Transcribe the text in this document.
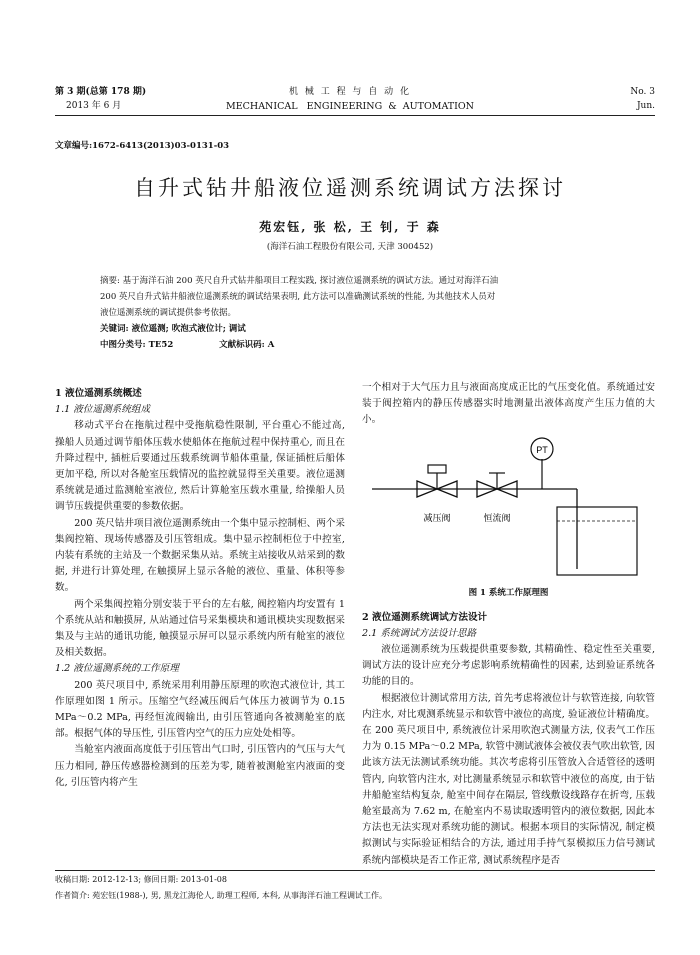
第 3 期(总第 178 期)
2013 年 6 月
机 械 工 程 与 自 动 化
MECHANICAL   ENGINEERING  &  AUTOMATION
No. 3
Jun.
文章编号:1672-6413(2013)03-0131-03
自升式钻井船液位遥测系统调试方法探讨
苑宏钰, 张 松, 王 钊, 于 森
(海洋石油工程股份有限公司, 天津 300452)
摘要: 基于海洋石油 200 英尺自升式钻井船项目工程实践, 探讨液位遥测系统的调试方法。通过对海洋石油
200 英尺自升式钻井船液位遥测系统的调试结果表明, 此方法可以准确测试系统的性能, 为其他技术人员对
液位遥测系统的调试提供参考依据。
关键词: 液位遥测; 吹泡式液位计; 调试
中图分类号: TE52	文献标识码: A

1 液位遥测系统概述

1.1 液位遥测系统组成

移动式平台在拖航过程中受拖航稳性限制, 平台重心不能过高, 操船人员通过调节船体压载水使船体在拖航过程中保持重心, 而且在升降过程中, 插桩后要通过压载系统调节船体重量, 保证插桩后船体更加平稳, 所以对各舱室压载情况的监控就显得至关重要。液位遥测系统就是通过监测舱室液位, 然后计算舱室压载水重量, 给操船人员调节压载提供重要的参数依据。

200 英尺钻井项目液位遥测系统由一个集中显示控制柜、两个采集阀控箱、现场传感器及引压管组成。集中显示控制柜位于中控室, 内装有系统的主站及一个数据采集从站。系统主站接收从站采到的数据, 并进行计算处理, 在触摸屏上显示各舱的液位、重量、体积等参数。

两个采集阀控箱分别安装于平台的左右舷, 阀控箱内均安置有 1 个系统从站和触摸屏, 从站通过信号采集模块和通讯模块实现数据采集及与主站的通讯功能, 触摸显示屏可以显示系统内所有舱室的液位及相关数据。

1.2 液位遥测系统的工作原理

200 英尺项目中, 系统采用利用静压原理的吹泡式液位计, 其工作原理如图 1 所示。压缩空气经减压阀后气体压力被调节为 0.15 MPa～0.2 MPa, 再经恒流阀输出, 由引压管通向各被测舱室的底部。根据气体的导压性, 引压管内空气的压力应处处相等。

当舱室内液面高度低于引压管出气口时, 引压管内的气压与大气压力相同, 静压传感器检测到的压差为零, 随着被测舱室内液面的变化, 引压管内将产生

一个相对于大气压力且与液面高度成正比的气压变化值。系统通过安装于阀控箱内的静压传感器实时地测量出液体高度产生压力值的大小。

PT
减压阀	恒流阀
图 1 系统工作原理图

2 液位遥测系统调试方法设计

2.1 系统调试方法设计思路

液位遥测系统为压载提供重要参数, 其精确性、稳定性至关重要, 调试方法的设计应充分考虑影响系统精确性的因素, 达到验证系统各功能的目的。

根据液位计测试常用方法, 首先考虑将液位计与软管连接, 向软管内注水, 对比观测系统显示和软管中液位的高度, 验证液位计精确度。在 200 英尺项目中, 系统液位计采用吹泡式测量方法, 仪表气工作压力为 0.15 MPa～0.2 MPa, 软管中测试液体会被仪表气吹出软管, 因此该方法无法测试系统功能。其次考虑将引压管放入合适管径的透明管内, 向软管内注水, 对比测量系统显示和软管中液位的高度, 由于钻井船舱室结构复杂, 舱室中间存在隔层, 管线敷设线路存在折弯, 压载舱室最高为 7.62 m, 在舱室内不易读取透明管内的液位数据, 因此本方法也无法实现对系统功能的测试。根据本项目的实际情况, 制定模拟测试与实际验证相结合的方法, 通过用手持气泵模拟压力信号测试系统内部模块是否工作正常, 测试系统程序是否

收稿日期: 2012-12-13; 修回日期: 2013-01-08
作者简介: 苑宏钰(1988-), 男, 黑龙江海伦人, 助理工程师, 本科, 从事海洋石油工程调试工作。
